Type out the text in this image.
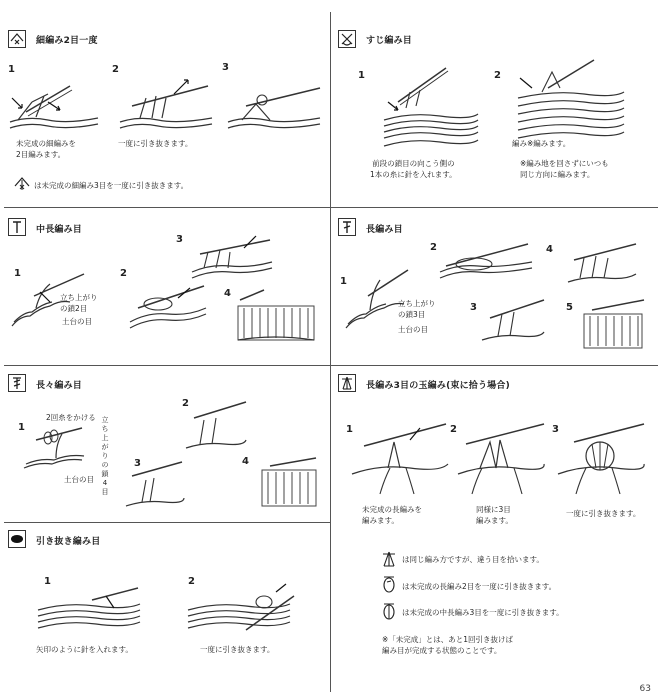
細編み2目一度
1	2	3
未完成の細編みを
2目編みます。
一度に引き抜きます。
は未完成の細編み3目を一度に引き抜きます。
すじ編み目
1	2
前段の鎖目の向こう側の
1本の糸に針を入れます。
編み※編みます。
※編み地を回さずにいつも
同じ方向に編みます。
中長編み目
1	2
3
4
立ち上がり
の鎖2目
土台の目
長編み目
1
2
3
4
5
立ち上がり
の鎖3目
土台の目
長々編み目
1
2
3	4
2回糸をかける 立
ち
上
が
り
の
鎖
4
目
土台の目
長編み3目の玉編み(束に拾う場合)
1	2	3
未完成の長編みを
編みます。
同様に3目
編みます。
一度に引き抜きます。
は同じ編み方ですが、違う目を拾います。
は未完成の長編み2目を一度に引き抜きます。
は未完成の中長編み3目を一度に引き抜きます。
※「未完成」とは、あと1回引き抜けば
編み目が完成する状態のことです。
引き抜き編み目
1	2
矢印のように針を入れます。	一度に引き抜きます。
63
